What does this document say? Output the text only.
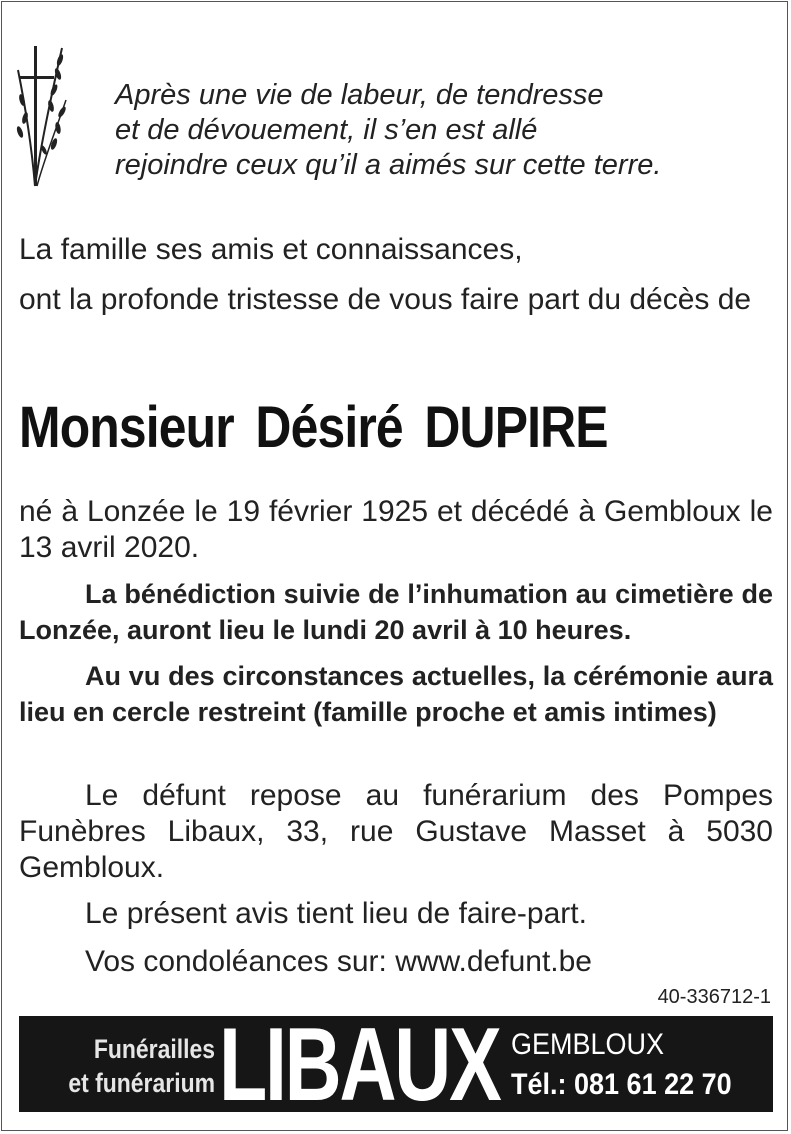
Après une vie de labeur, de tendresse
et de dévouement, il s’en est allé
rejoindre ceux qu’il a aimés sur cette terre.
La famille ses amis et connaissances,
ont la profonde tristesse de vous faire part du décès de
Monsieur Désiré DUPIRE
né à Lonzée le 19 février 1925 et décédé à Gembloux le 13 avril 2020.
La bénédiction suivie de l’inhumation au cimetière de Lonzée, auront lieu le lundi 20 avril à 10 heures.
Au vu des circonstances actuelles, la cérémonie aura lieu en cercle restreint (famille proche et amis intimes)
Le défunt repose au funérarium des Pompes Funèbres Libaux, 33, rue Gustave Masset à 5030 Gembloux.
Le présent avis tient lieu de faire-part.
Vos condoléances sur: www.defunt.be
40-336712-1
Funérailles
et funérarium LIBAUX GEMBLOUX
Tél.: 081 61 22 70
